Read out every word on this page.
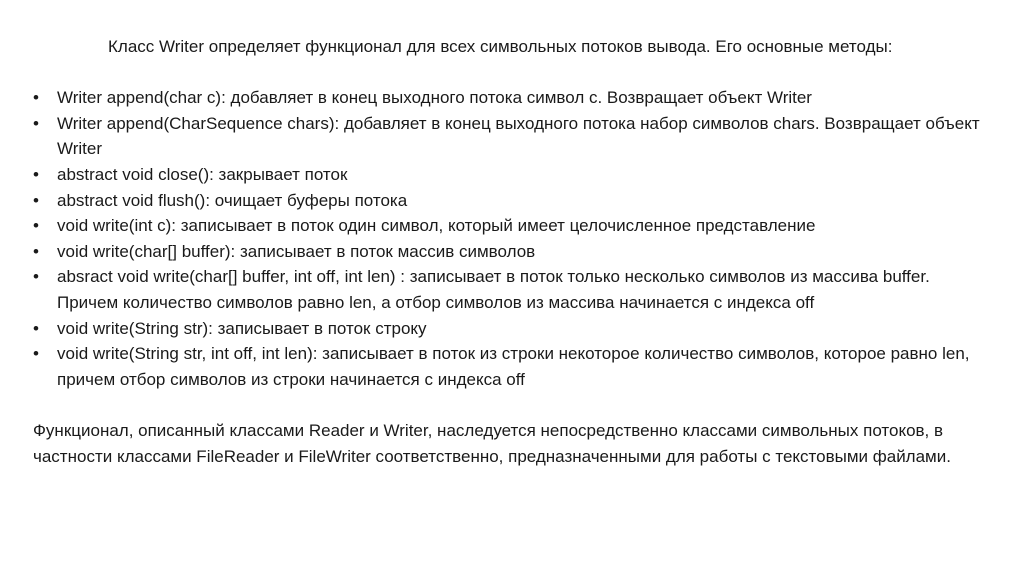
Класс Writer определяет функционал для всех символьных потоков вывода. Его основные методы:

•	Writer append(char c): добавляет в конец выходного потока символ c. Возвращает объект Writer
•	Writer append(CharSequence chars): добавляет в конец выходного потока набор символов chars. Возвращает объект Writer
•	abstract void close(): закрывает поток
•	abstract void flush(): очищает буферы потока
•	void write(int c): записывает в поток один символ, который имеет целочисленное представление
•	void write(char[] buffer): записывает в поток массив символов
•	absract void write(char[] buffer, int off, int len) : записывает в поток только несколько символов из массива buffer. Причем количество символов равно len, а отбор символов из массива начинается с индекса off
•	void write(String str): записывает в поток строку
•	void write(String str, int off, int len): записывает в поток из строки некоторое количество символов, которое равно len, причем отбор символов из строки начинается с индекса off

Функционал, описанный классами Reader и Writer, наследуется непосредственно классами символьных потоков, в частности классами FileReader и FileWriter соответственно, предназначенными для работы с текстовыми файлами.
